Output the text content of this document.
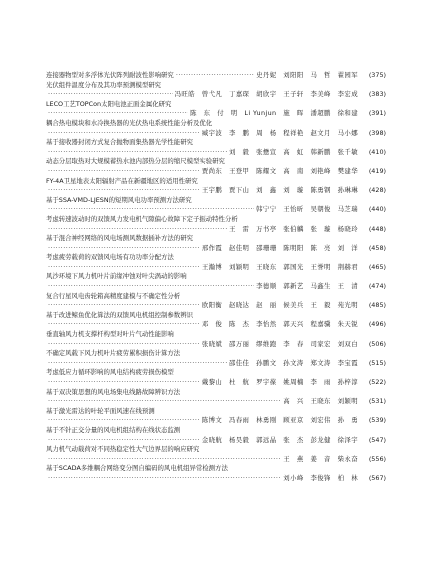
连接器物型对多浮体光伏阵列耐波性影响研究
·····	史丹妮　刘阳阳　马　哲　翟园军	(375)
光伏组件温度分布及其功率预测模型研究
·····
冯旺皓　曾弋凡　丁嘉琛　胡欣宇　王子轩　李美峰　李宏成	(383)
LECO工艺TOPCon太阳电池正面金属化研究
·····
陈　东　付　明　Li Yunjun　施　晖　潘超鹏　徐和建	(391)
耦合热电模块和水冷换热器的光伏热电系统性能分析及优化
·····
臧宇波　李　鹏　周　杨　程祥艳　赵文月　马小娜	(398)
基于接收器封闭方式复合抛物面集热器光学性能研究
·····
刘　毅　张懋宣　高　虹　韩新鹏　张千敏	(410)
动态分层取热对大规模蓄热水池内部热分层的缩尺模型实验研究
·····
贾尚东　王登甲　陈耀文　高　南　刘艳峰　樊建华	(419)
FY-4A卫星地表太阳辐射产品在新疆地区的适用性研究
·····
王宇鹏　贾下山　刘　鑫　刘　璇　陈勇钢　孙琳琳	(428)
基于SSA-VMD-LJESN的短期风电功率预测方法研究
·····
韩宁宁　王怡昕　吴朝俊　马芝瑞	(440)
考虑转速波动时的双馈风力发电机气隙偏心故障下定子振动特性分析
·····
王　雷　万书亭　张伯麟　张　璇　杨晓玲	(448)
基于混合神经网络的风电场测风数据插补方法的研究
·····
邢作霞　赵佳明　邵珊珊　陈明阳　陈　亮　刘　洋	(458)
考虑疲劳载荷的双馈风电场有功功率分配方法
·····
王瀚博　刘颖明　王晓东　郭国光　王誉明　荆赫君	(465)
风沙环境下风力机叶片前缘冲蚀对叶尖涡动的影响
·····
李德顺　郭新艺　马鑫生　王　清	(474)
复合行星风电齿轮箱高精度建模与不确定性分析
·····
欧阳衡　赵晓达　赵　丽　候美兵　王　毅　苑光明	(485)
基于改进鲸鱼优化算法的双馈风电机组控制参数辨识
·····
邓　俊　陈　杰　李怡然　郭天兴　程嘉骥　朱天锐	(496)
垂直轴风力机支撑杆构型对叶片气动性能影响
·····
张晓斌　邵万丽　缪维跑　李　春　司家宏　刘双白	(506)
不确定风载下风力机叶片疲劳累积损伤计算方法
·····
邵佳佳　孙鹏文　孙文涛　郑文涛　李宝霞	(515)
考虑低应力循环影响的风电结构疲劳损伤模型
·····
戴黎山　杜　航　罗宇葆　姚周楠　李　雨　孙梓淳	(522)
基于双决策思想的风电场集电线路故障辨识方法
·····
高　兴　王晓东　刘颖明	(531)
基于激光雷达的叶轮平面风速在线预测
·····
陈博文　冯春雨　林勇刚　顾亚京　刘宏伟　孙　勇	(539)
基于不针正交分量的风电机组结构在线状态监测
·····
金晓航　杨昊毅　郭远晶　张　杰　彭龙健　徐泽宇	(547)
风力机气动载荷对不同热稳定性大气边界层的响应研究
·····
王　燕　姜　音　柴永奋	(556)
基于SCADA多维耦合网络变分图自编码的风电机组异常检测方法
·····
刘小峰　李俊锋　柏　林	(567)
